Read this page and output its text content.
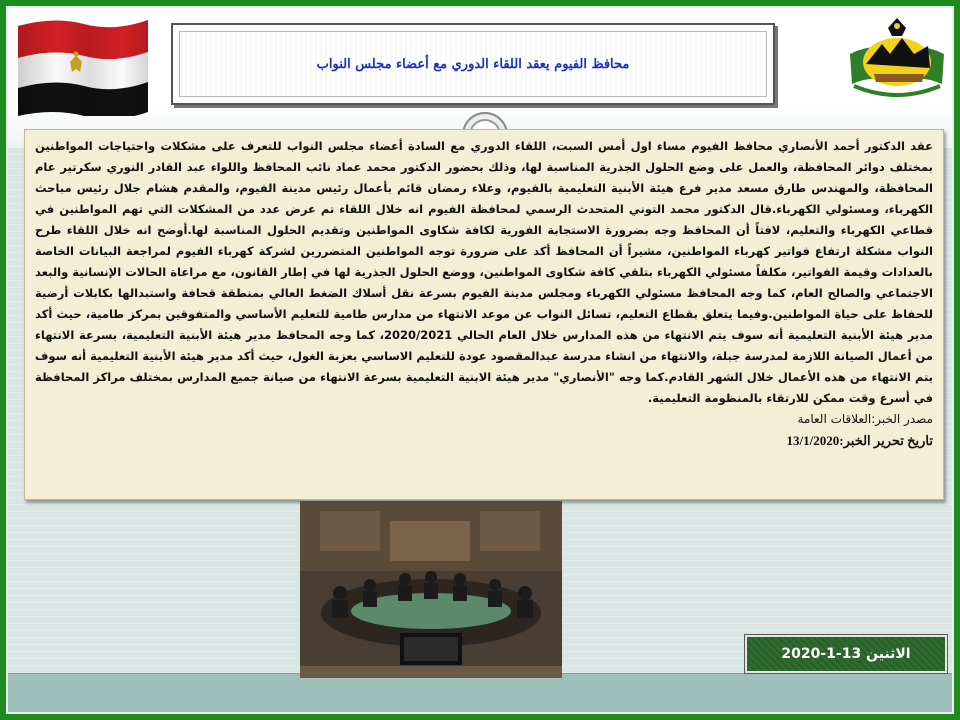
محافظ الفيوم يعقد اللقاء الدوري مع أعضاء مجلس النواب

عقد الدكتور أحمد الأنصاري محافظ الفيوم مساء اول أمس السبت، اللقاء الدوري مع السادة أعضاء مجلس النواب للتعرف على مشكلات واحتياجات المواطنين بمختلف دوائر المحافظة، والعمل على وضع الحلول الجذرية المناسبة لها، وذلك بحضور الدكتور محمد عماد نائب المحافظ واللواء عبد القادر النوري سكرتير عام المحافظة، والمهندس طارق مسعد مدير فرع هيئة الأبنية التعليمية بالفيوم، وعلاء رمضان قائم بأعمال رئيس مدينة الفيوم، والمقدم هشام جلال رئيس مباحث الكهرباء، ومسئولي الكهرباء.قال الدكتور محمد التوني المتحدث الرسمي لمحافظة الفيوم انه خلال اللقاء تم عرض عدد من المشكلات التي تهم المواطنين في قطاعي الكهرباء والتعليم، لافتاً أن المحافظ وجه بضرورة الاستجابة الفورية لكافة شكاوى المواطنين وتقديم الحلول المناسبة لها.أوضح انه خلال اللقاء طرح النواب مشكلة ارتفاع فواتير كهرباء المواطنين، مشيراً أن المحافظ أكد على ضرورة توجه المواطنين المتضررين لشركة كهرباء الفيوم لمراجعة البيانات الخاصة بالعدادات وقيمة الفواتير، مكلفاً مسئولي الكهرباء بتلقي كافة شكاوى المواطنين، ووضع الحلول الجذرية لها في إطار القانون، مع مراعاة الحالات الإنسانية والبعد الاجتماعي والصالح العام، كما وجه المحافظ مسئولي الكهرباء ومجلس مدينة الفيوم بسرعة نقل أسلاك الضغط العالي بمنطقة قحافة واستبدالها بكابلات أرضية للحفاظ على حياة المواطنين.وفيما يتعلق بقطاع التعليم، تسائل النواب عن موعد الانتهاء من مدارس طامية للتعليم الأساسي والمتفوقين بمركز طامية، حيث أكد مدير هيئة الأبنية التعليمية أنه سوف يتم الانتهاء من هذه المدارس خلال العام الحالي 2020/2021، كما وجه المحافظ مدير هيئة الأبنية التعليمية، بسرعة الانتهاء من أعمال الصيانة اللازمة لمدرسة جبلة، والانتهاء من انشاء مدرسة عبدالمقصود عودة للتعليم الاساسي بعزبة الغول، حيث أكد مدير هيئة الأبنية التعليمية أنه سوف يتم الانتهاء من هذه الأعمال خلال الشهر القادم.كما وجه "الأنصاري" مدير هيئة الابنية التعليمية بسرعة الانتهاء من صيانة جميع المدارس بمختلف مراكز المحافظة في أسرع وقت ممكن للارتقاء بالمنظومة التعليمية.

مصدر الخبر:العلاقات العامة

تاريخ تحرير الخبر:13/1/2020

الاثنين 13-1-2020
